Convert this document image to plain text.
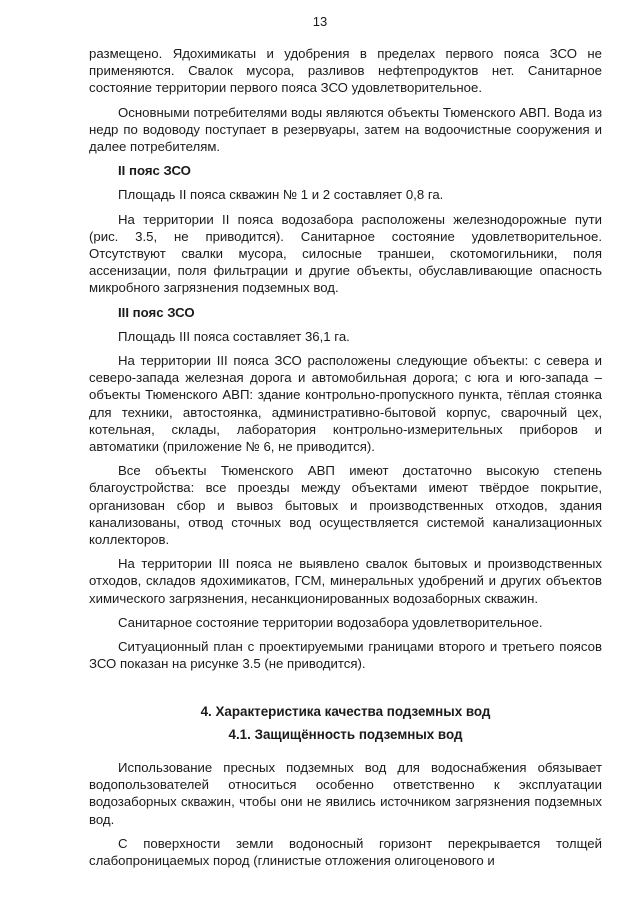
13

размещено. Ядохимикаты и удобрения в пределах первого пояса ЗСО не применяются. Свалок мусора, разливов нефтепродуктов нет. Санитарное состояние территории первого пояса ЗСО удовлетворительное.

Основными потребителями воды являются объекты Тюменского АВП. Вода из недр по водоводу поступает в резервуары, затем на водоочистные сооружения и далее потребителям.

II пояс ЗСО

Площадь II пояса скважин № 1 и 2 составляет 0,8 га.

На территории II пояса водозабора расположены железнодорожные пути (рис. 3.5, не приводится). Санитарное состояние удовлетворительное. Отсутствуют свалки мусора, силосные траншеи, скотомогильники, поля ассенизации, поля фильтрации и другие объекты, обуславливающие опасность микробного загрязнения подземных вод.

III пояс ЗСО

Площадь III пояса составляет 36,1 га.

На территории III пояса ЗСО расположены следующие объекты: с севера и северо-запада железная дорога и автомобильная дорога; с юга и юго-запада – объекты Тюменского АВП: здание контрольно-пропускного пункта, тёплая стоянка для техники, автостоянка, административно-бытовой корпус, сварочный цех, котельная, склады, лаборатория контрольно-измерительных приборов и автоматики (приложение № 6, не приводится).

Все объекты Тюменского АВП имеют достаточно высокую степень благоустройства: все проезды между объектами имеют твёрдое покрытие, организован сбор и вывоз бытовых и производственных отходов, здания канализованы, отвод сточных вод осуществляется системой канализационных коллекторов.

На территории III пояса не выявлено свалок бытовых и производственных отходов, складов ядохимикатов, ГСМ, минеральных удобрений и других объектов химического загрязнения, несанкционированных водозаборных скважин.

Санитарное состояние территории водозабора удовлетворительное.

Ситуационный план с проектируемыми границами второго и третьего поясов ЗСО показан на рисунке 3.5 (не приводится).

4. Характеристика качества подземных вод
4.1. Защищённость подземных вод

Использование пресных подземных вод для водоснабжения обязывает водопользователей относиться особенно ответственно к эксплуатации водозаборных скважин, чтобы они не явились источником загрязнения подземных вод.

С поверхности земли водоносный горизонт перекрывается толщей слабопроницаемых пород (глинистые отложения олигоценового и
